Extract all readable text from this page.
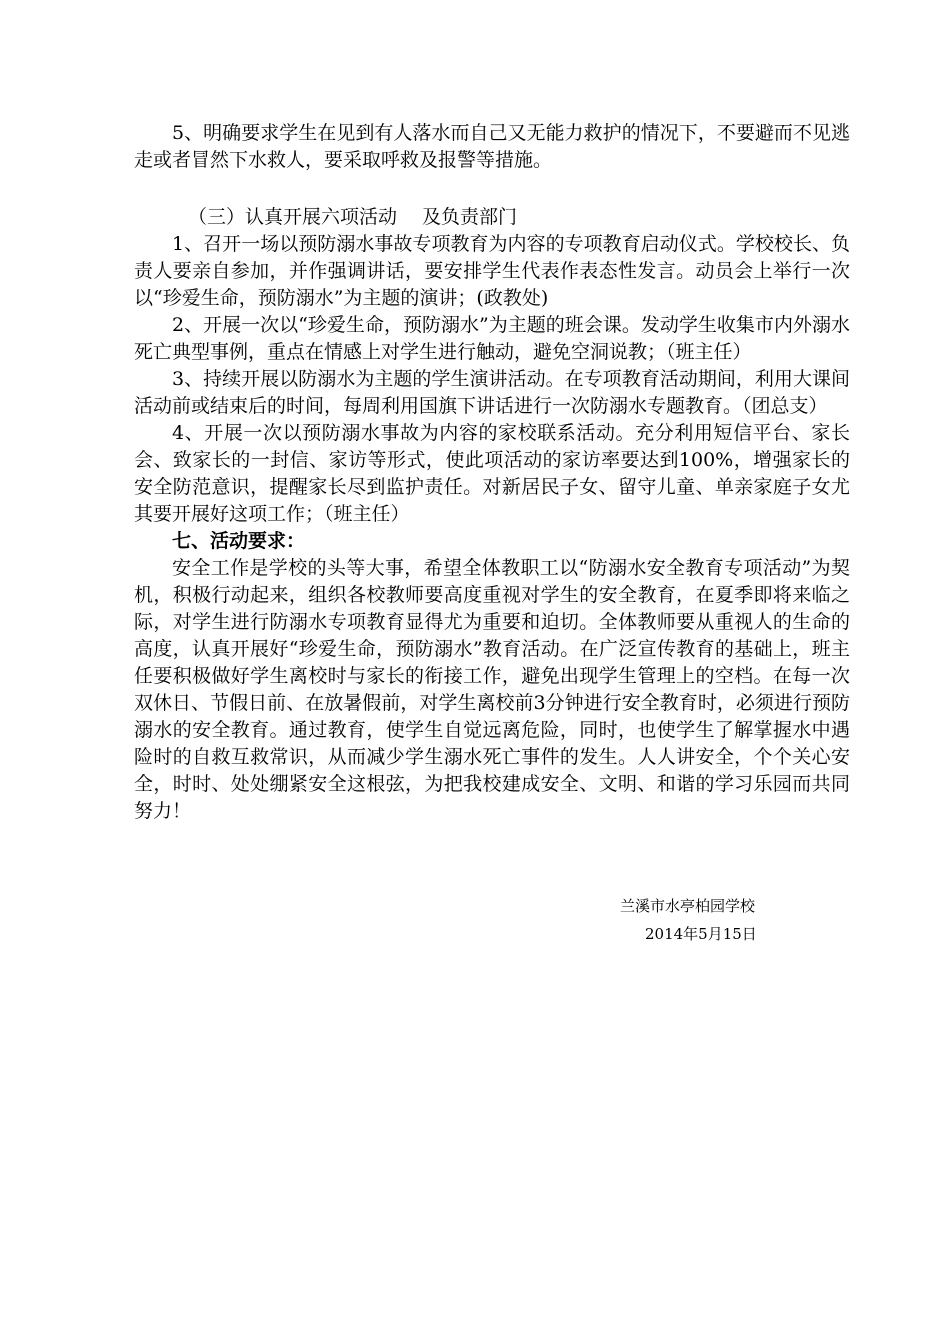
5、明确要求学生在见到有人落水而自己又无能力救护的情况下，不要避而不见逃走或者冒然下水救人，要采取呼救及报警等措施。

（三）认真开展六项活动　 及负责部门

1、召开一场以预防溺水事故专项教育为内容的专项教育启动仪式。学校校长、负责人要亲自参加，并作强调讲话，要安排学生代表作表态性发言。动员会上举行一次以“珍爱生命，预防溺水”为主题的演讲；(政教处)

2、开展一次以“珍爱生命，预防溺水”为主题的班会课。发动学生收集市内外溺水死亡典型事例，重点在情感上对学生进行触动，避免空洞说教；（班主任）

3、持续开展以防溺水为主题的学生演讲活动。在专项教育活动期间，利用大课间活动前或结束后的时间，每周利用国旗下讲话进行一次防溺水专题教育。（团总支）

4、开展一次以预防溺水事故为内容的家校联系活动。充分利用短信平台、家长会、致家长的一封信、家访等形式，使此项活动的家访率要达到100%，增强家长的安全防范意识，提醒家长尽到监护责任。对新居民子女、留守儿童、单亲家庭子女尤其要开展好这项工作；（班主任）

七、活动要求：

安全工作是学校的头等大事，希望全体教职工以“防溺水安全教育专项活动”为契机，积极行动起来，组织各校教师要高度重视对学生的安全教育，在夏季即将来临之际，对学生进行防溺水专项教育显得尤为重要和迫切。全体教师要从重视人的生命的高度，认真开展好“珍爱生命，预防溺水”教育活动。在广泛宣传教育的基础上，班主任要积极做好学生离校时与家长的衔接工作，避免出现学生管理上的空档。在每一次双休日、节假日前、在放暑假前，对学生离校前3分钟进行安全教育时，必须进行预防溺水的安全教育。通过教育，使学生自觉远离危险，同时，也使学生了解掌握水中遇险时的自救互救常识，从而减少学生溺水死亡事件的发生。人人讲安全，个个关心安全，时时、处处绷紧安全这根弦，为把我校建成安全、文明、和谐的学习乐园而共同努力！

兰溪市水亭柏园学校
2014年5月15日
